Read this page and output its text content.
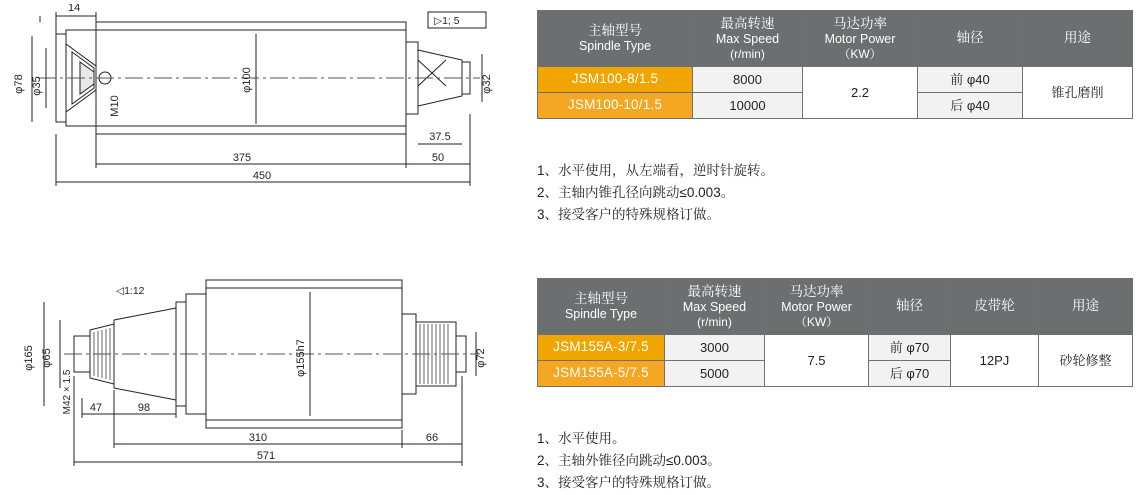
14
▷1; 5
φ78 φ35
M10
φ100	φ32
375
450
50
37.5
主轴型号
Spindle Type	最高转速
Max Speed
(r/min)	马达功率
Motor Power
（KW）	轴径	用途

JSM100-8/1.5	8000	2.2	前 φ40	锥孔磨削
JSM100-10/1.5	10000		后 φ40	
1、水平使用，从左端看，逆时针旋转。
2、主轴内锥孔径向跳动≤0.003。
3、接受客户的特殊规格订做。
◁1:12
φ165 φ65
M42 × 1.5
φ155h7	φ72
47	98
310	66
571
主轴型号
Spindle Type	最高转速
Max Speed
(r/min)	马达功率
Motor Power
（KW）	轴径	皮带轮	用途

JSM155A-3/7.5	3000	7.5	前 φ70	12PJ	砂轮修整
JSM155A-5/7.5	5000		后 φ70		
1、水平使用。
2、主轴外锥径向跳动≤0.003。
3、接受客户的特殊规格订做。
